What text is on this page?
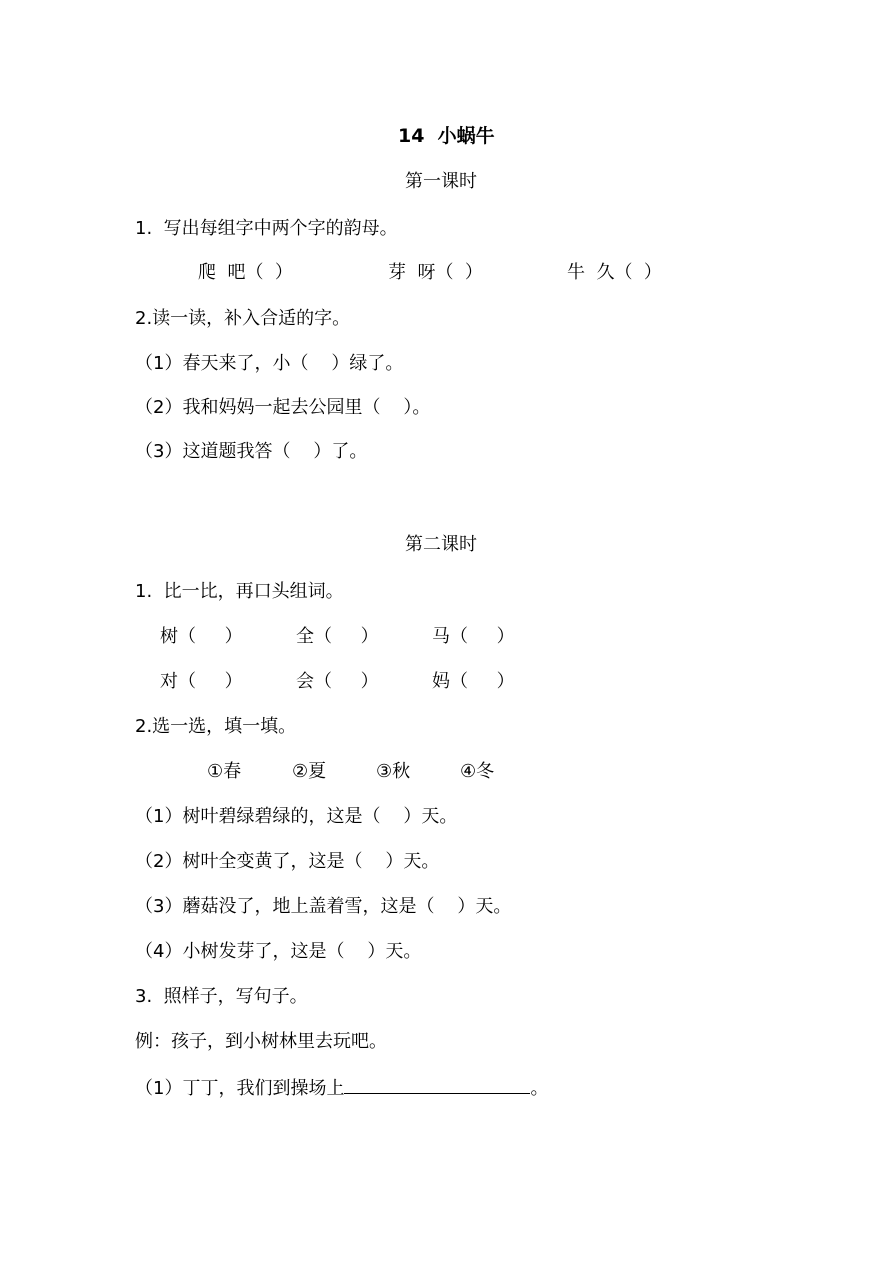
14  小蜗牛
第一课时
1.  写出每组字中两个字的韵母。
爬  吧（  ）	芽  呀（  ）	牛  久（  ）
2.读一读，补入合适的字。
（1）春天来了，小（    ）绿了。
（2）我和妈妈一起去公园里（    ）。
（3）这道题我答（    ）了。
第二课时
1.  比一比，再口头组词。
树（     ）	全（     ）	马（     ）
对（     ）	会（     ）	妈（     ）
2.选一选，填一填。
①春	②夏	③秋	④冬
（1）树叶碧绿碧绿的，这是（    ）天。
（2）树叶全变黄了，这是（    ）天。
（3）蘑菇没了，地上盖着雪，这是（    ）天。
（4）小树发芽了，这是（    ）天。
3.  照样子，写句子。
例：孩子，到小树林里去玩吧。
（1）丁丁，我们到操场上	。
